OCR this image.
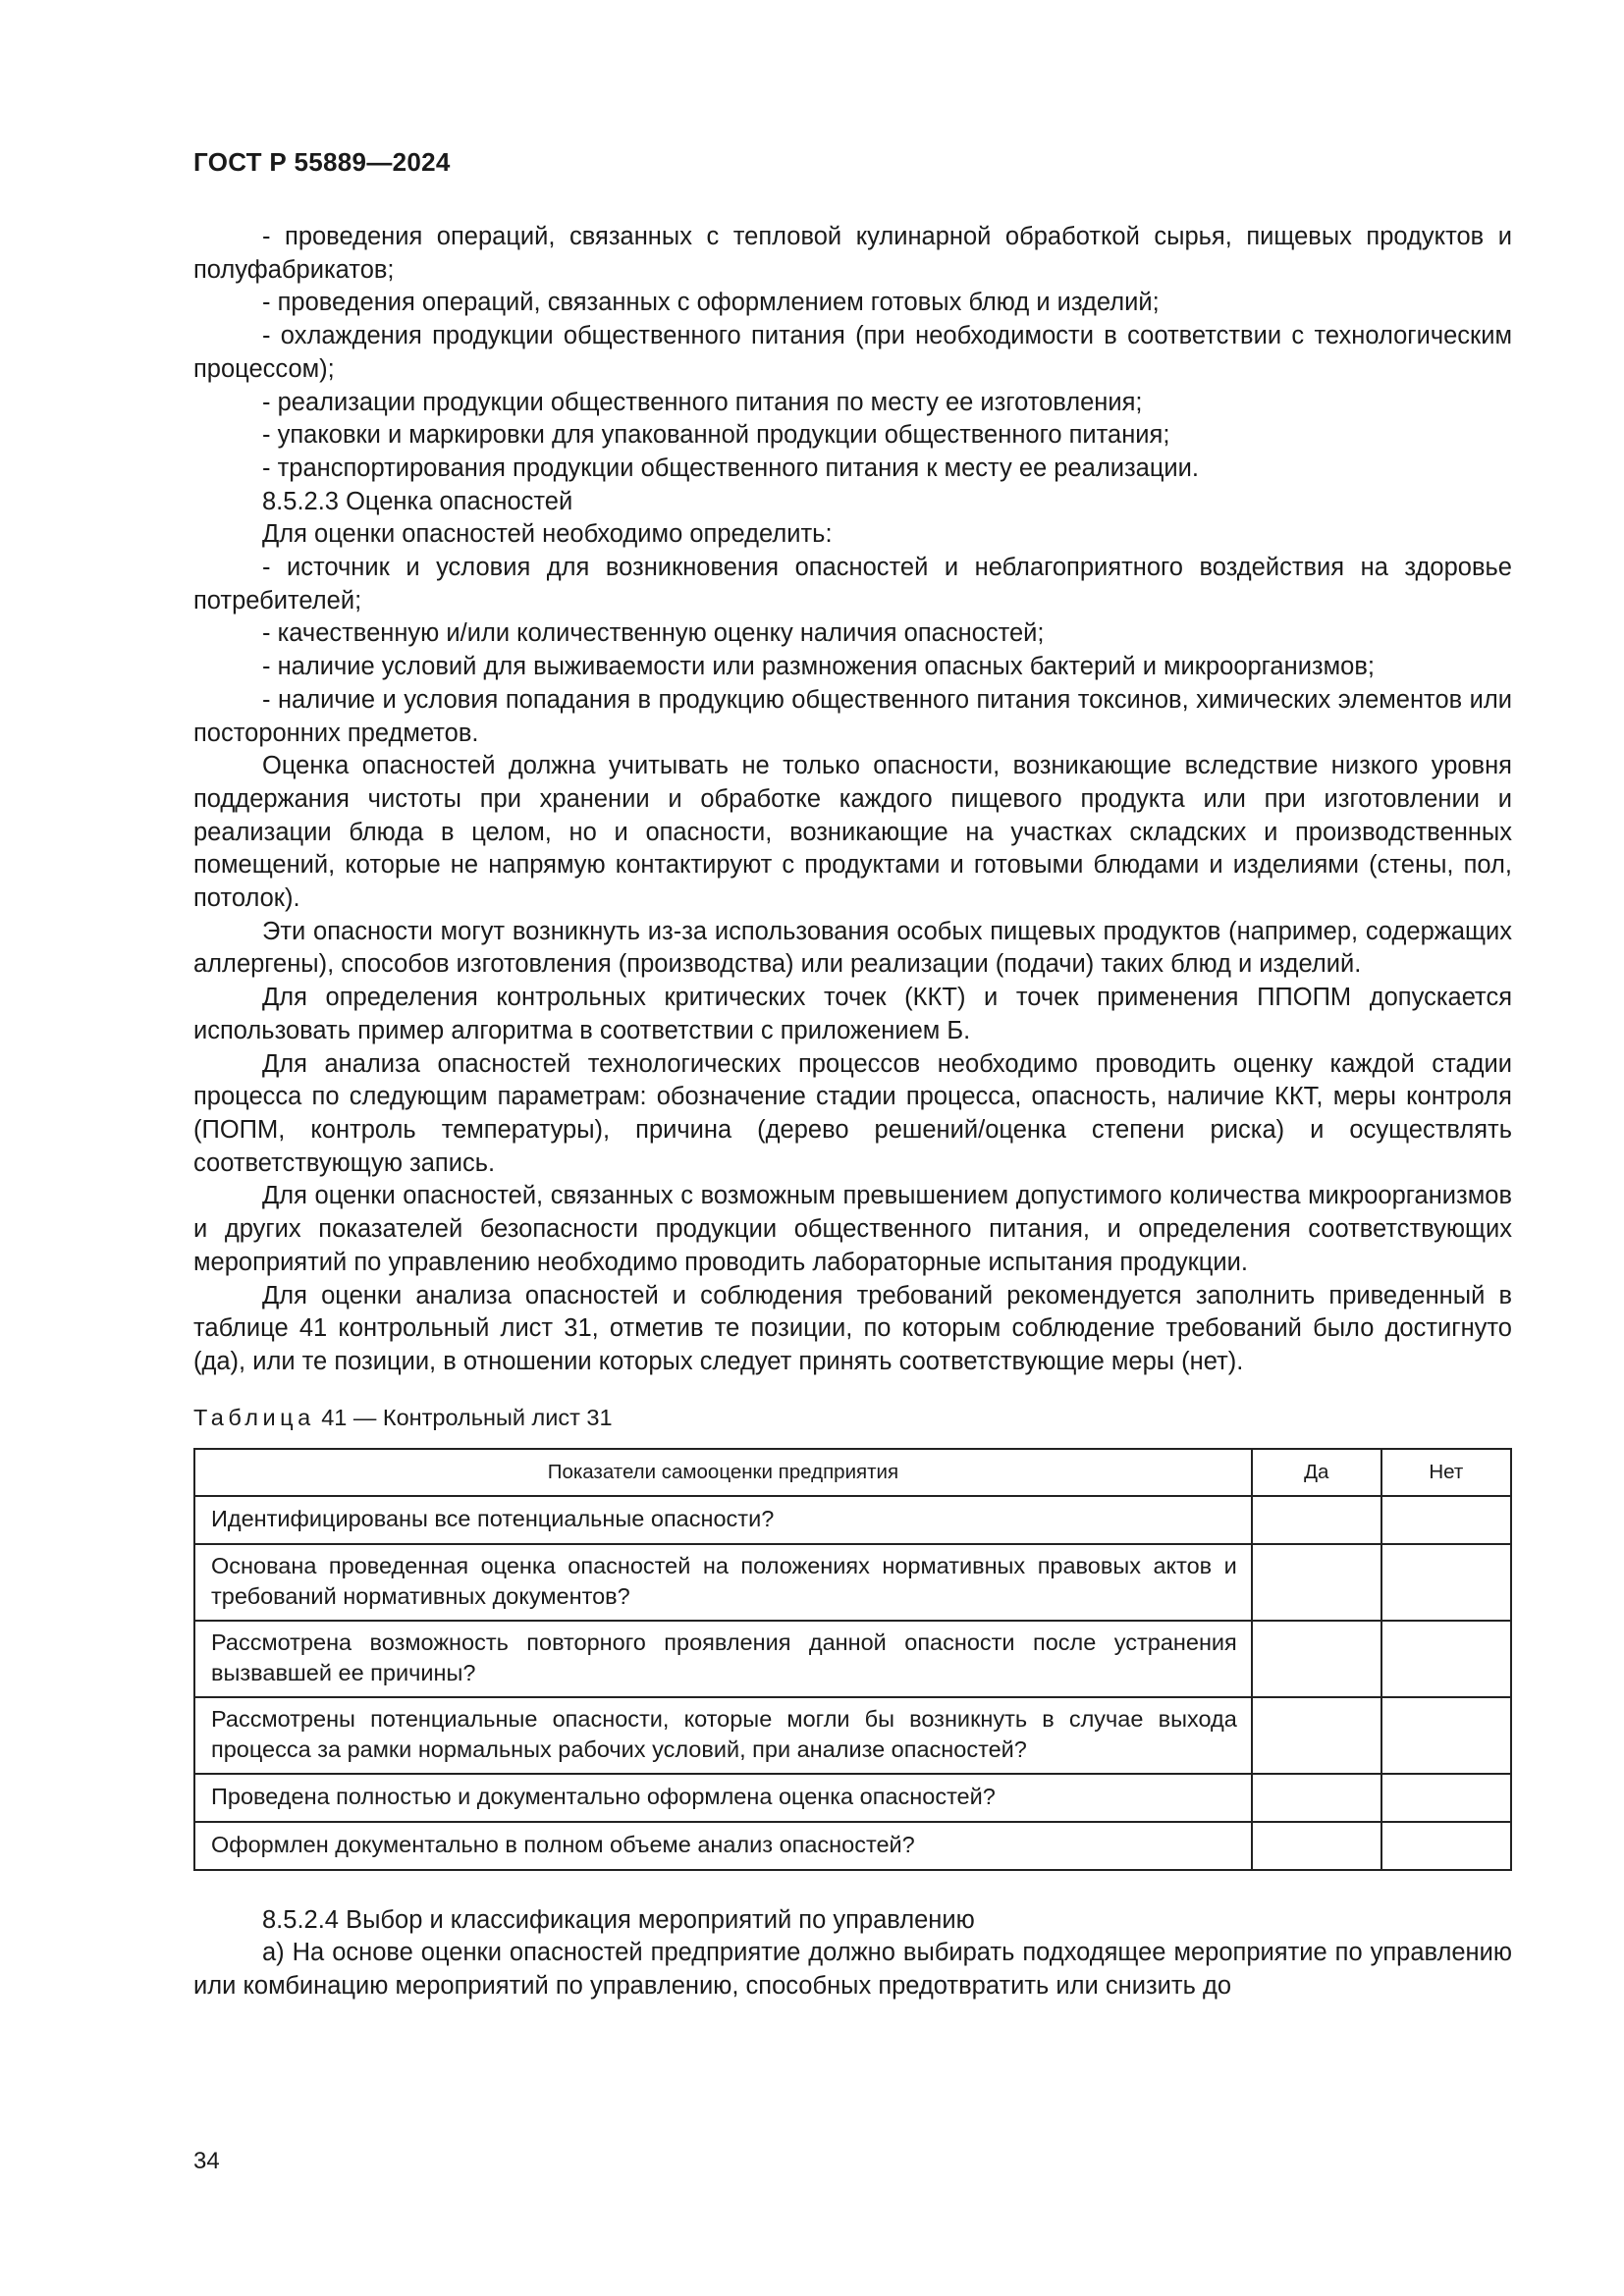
ГОСТ Р 55889—2024

- проведения операций, связанных с тепловой кулинарной обработкой сырья, пищевых продуктов и полуфабрикатов;

- проведения операций, связанных с оформлением готовых блюд и изделий;

- охлаждения продукции общественного питания (при необходимости в соответствии с технологическим процессом);

- реализации продукции общественного питания по месту ее изготовления;

- упаковки и маркировки для упакованной продукции общественного питания;

- транспортирования продукции общественного питания к месту ее реализации.

8.5.2.3 Оценка опасностей

Для оценки опасностей необходимо определить:

- источник и условия для возникновения опасностей и неблагоприятного воздействия на здоровье потребителей;

- качественную и/или количественную оценку наличия опасностей;

- наличие условий для выживаемости или размножения опасных бактерий и микроорганизмов;

- наличие и условия попадания в продукцию общественного питания токсинов, химических элементов или посторонних предметов.

Оценка опасностей должна учитывать не только опасности, возникающие вследствие низкого уровня поддержания чистоты при хранении и обработке каждого пищевого продукта или при изготовлении и реализации блюда в целом, но и опасности, возникающие на участках складских и производственных помещений, которые не напрямую контактируют с продуктами и готовыми блюдами и изделиями (стены, пол, потолок).

Эти опасности могут возникнуть из-за использования особых пищевых продуктов (например, содержащих аллергены), способов изготовления (производства) или реализации (подачи) таких блюд и изделий.

Для определения контрольных критических точек (ККТ) и точек применения ППОПМ допускается использовать пример алгоритма в соответствии с приложением Б.

Для анализа опасностей технологических процессов необходимо проводить оценку каждой стадии процесса по следующим параметрам: обозначение стадии процесса, опасность, наличие ККТ, меры контроля (ПОПМ, контроль температуры), причина (дерево решений/оценка степени риска) и осуществлять соответствующую запись.

Для оценки опасностей, связанных с возможным превышением допустимого количества микроорганизмов и других показателей безопасности продукции общественного питания, и определения соответствующих мероприятий по управлению необходимо проводить лабораторные испытания продукции.

Для оценки анализа опасностей и соблюдения требований рекомендуется заполнить приведенный в таблице 41 контрольный лист 31, отметив те позиции, по которым соблюдение требований было достигнуто (да), или те позиции, в отношении которых следует принять соответствующие меры (нет).

Таблица 41 — Контрольный лист 31
Показатели самооценки предприятия	Да	Нет
Идентифицированы все потенциальные опасности?		
Основана проведенная оценка опасностей на положениях нормативных правовых актов и требований нормативных документов?		
Рассмотрена возможность повторного проявления данной опасности после устранения вызвавшей ее причины?		
Рассмотрены потенциальные опасности, которые могли бы возникнуть в случае выхода процесса за рамки нормальных рабочих условий, при анализе опасностей?		
Проведена полностью и документально оформлена оценка опасностей?		
Оформлен документально в полном объеме анализ опасностей?		

8.5.2.4 Выбор и классификация мероприятий по управлению

а) На основе оценки опасностей предприятие должно выбирать подходящее мероприятие по управлению или комбинацию мероприятий по управлению, способных предотвратить или снизить до

34
